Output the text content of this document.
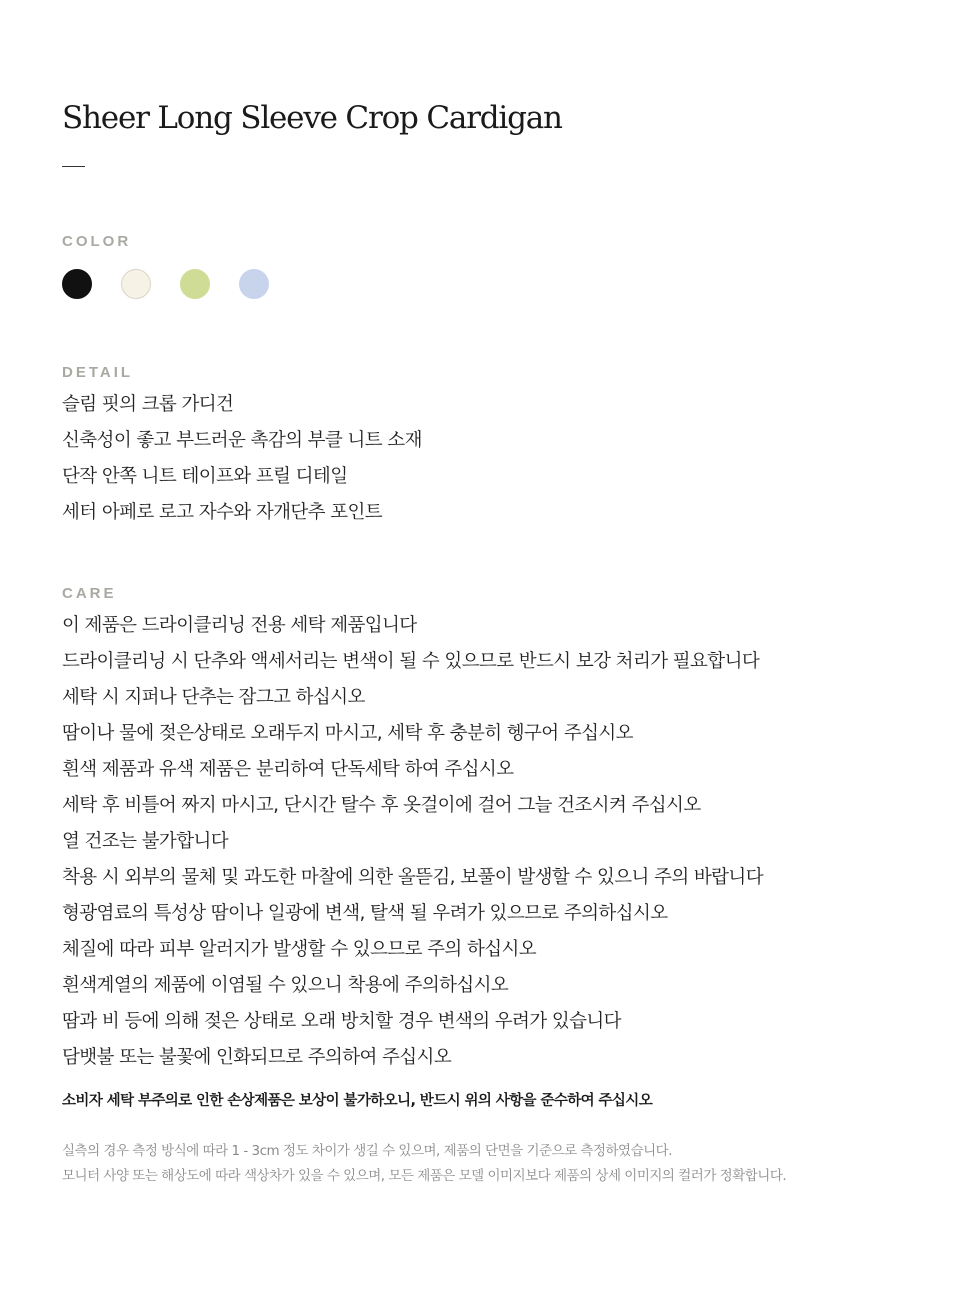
Sheer Long Sleeve Crop Cardigan
COLOR
DETAIL
슬림 핏의 크롭 가디건
신축성이 좋고 부드러운 촉감의 부클 니트 소재
단작 안쪽 니트 테이프와 프릴 디테일
세터 아페로 로고 자수와 자개단추 포인트
CARE
이 제품은 드라이클리닝 전용 세탁 제품입니다
드라이클리닝 시 단추와 액세서리는 변색이 될 수 있으므로 반드시 보강 처리가 필요합니다
세탁 시 지퍼나 단추는 잠그고 하십시오
땀이나 물에 젖은상태로 오래두지 마시고, 세탁 후 충분히 헹구어 주십시오
흰색 제품과 유색 제품은 분리하여 단독세탁 하여 주십시오
세탁 후 비틀어 짜지 마시고, 단시간 탈수 후 옷걸이에 걸어 그늘 건조시켜 주십시오
열 건조는 불가합니다
착용 시 외부의 물체 및 과도한 마찰에 의한 올뜯김, 보풀이 발생할 수 있으니 주의 바랍니다
형광염료의 특성상 땀이나 일광에 변색, 탈색 될 우려가 있으므로 주의하십시오
체질에 따라 피부 알러지가 발생할 수 있으므로 주의 하십시오
흰색계열의 제품에 이염될 수 있으니 착용에 주의하십시오
땀과 비 등에 의해 젖은 상태로 오래 방치할 경우 변색의 우려가 있습니다
담뱃불 또는 불꽃에 인화되므로 주의하여 주십시오

소비자 세탁 부주의로 인한 손상제품은 보상이 불가하오니, 반드시 위의 사항을 준수하여 주십시오

실측의 경우 측정 방식에 따라 1 - 3cm 정도 차이가 생길 수 있으며, 제품의 단면을 기준으로 측정하였습니다.
모니터 사양 또는 해상도에 따라 색상차가 있을 수 있으며, 모든 제품은 모델 이미지보다 제품의 상세 이미지의 컬러가 정확합니다.
